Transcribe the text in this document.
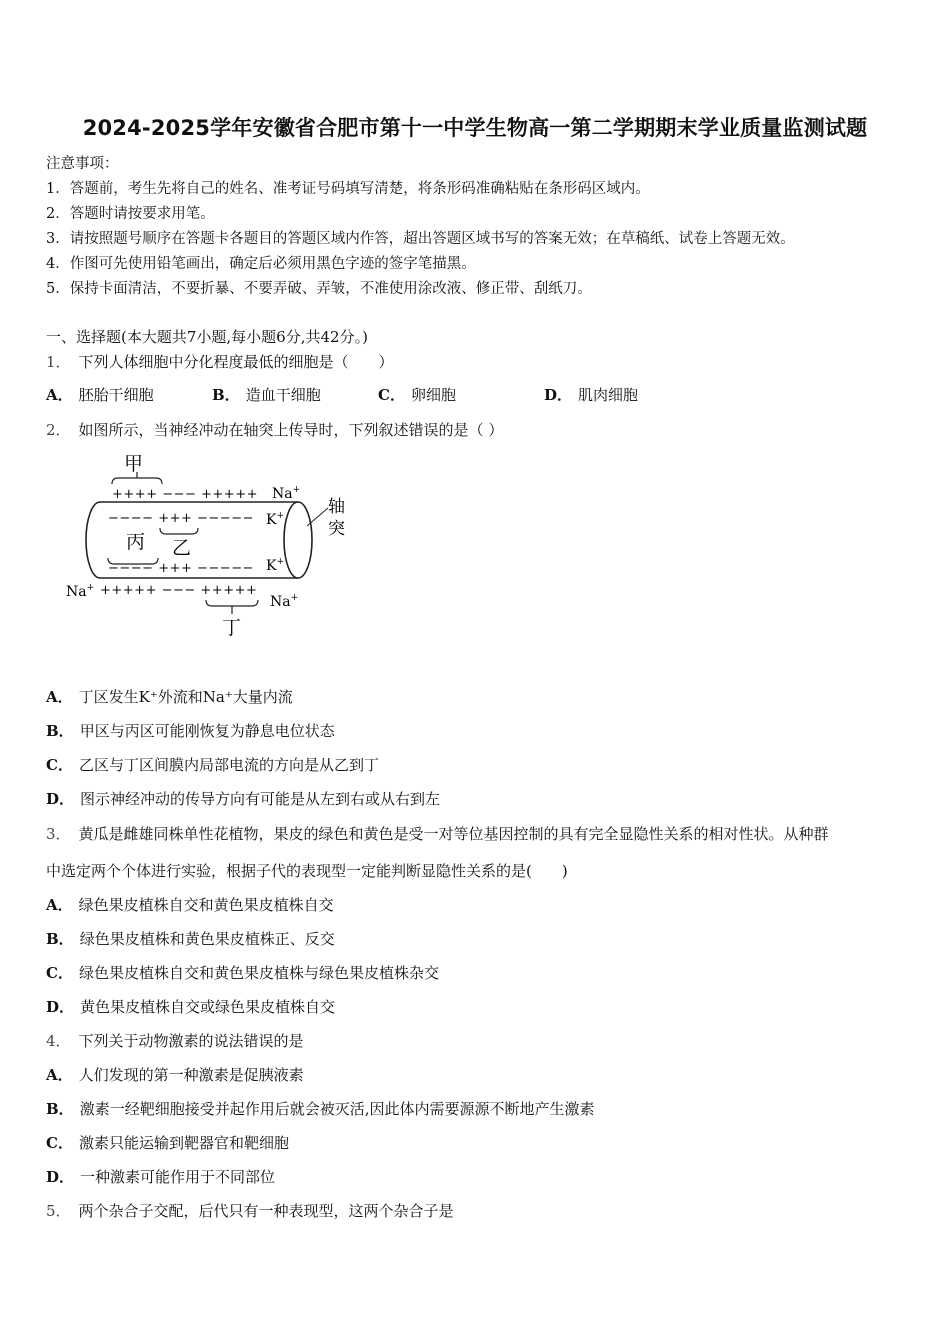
2024-2025学年安徽省合肥市第十一中学生物高一第二学期期末学业质量监测试题
注意事项：
1．答题前，考生先将自己的姓名、准考证号码填写清楚，将条形码准确粘贴在条形码区域内。
2．答题时请按要求用笔。
3．请按照题号顺序在答题卡各题目的答题区域内作答，超出答题区域书写的答案无效；在草稿纸、试卷上答题无效。
4．作图可先使用铅笔画出，确定后必须用黑色字迹的签字笔描黑。
5．保持卡面清洁，不要折暴、不要弄破、弄皱，不准使用涂改液、修正带、刮纸刀。
一、选择题(本大题共7小题,每小题6分,共42分。)
1． 下列人体细胞中分化程度最低的细胞是（　　）
A． 胚胎干细胞	B． 造血干细胞	C． 卵细胞	D． 肌肉细胞
2． 如图所示，当神经冲动在轴突上传导时，下列叙述错误的是（ ）
甲
++++ −−− +++++ Na+
−−−− +++ −−−−− K+
丙 乙
−−−− +++ −−−−− K+
Na+ +++++ −−− +++++
Na+
丁
轴
突
A． 丁区发生K⁺外流和Na⁺大量内流
B． 甲区与丙区可能刚恢复为静息电位状态
C． 乙区与丁区间膜内局部电流的方向是从乙到丁
D． 图示神经冲动的传导方向有可能是从左到右或从右到左
3． 黄瓜是雌雄同株单性花植物，果皮的绿色和黄色是受一对等位基因控制的具有完全显隐性关系的相对性状。从种群
中选定两个个体进行实验，根据子代的表现型一定能判断显隐性关系的是(　　)
A． 绿色果皮植株自交和黄色果皮植株自交
B． 绿色果皮植株和黄色果皮植株正、反交
C． 绿色果皮植株自交和黄色果皮植株与绿色果皮植株杂交
D． 黄色果皮植株自交或绿色果皮植株自交
4． 下列关于动物激素的说法错误的是
A． 人们发现的第一种激素是促胰液素
B． 激素一经靶细胞接受并起作用后就会被灭活,因此体内需要源源不断地产生激素
C． 激素只能运输到靶器官和靶细胞
D． 一种激素可能作用于不同部位
5． 两个杂合子交配，后代只有一种表现型，这两个杂合子是
